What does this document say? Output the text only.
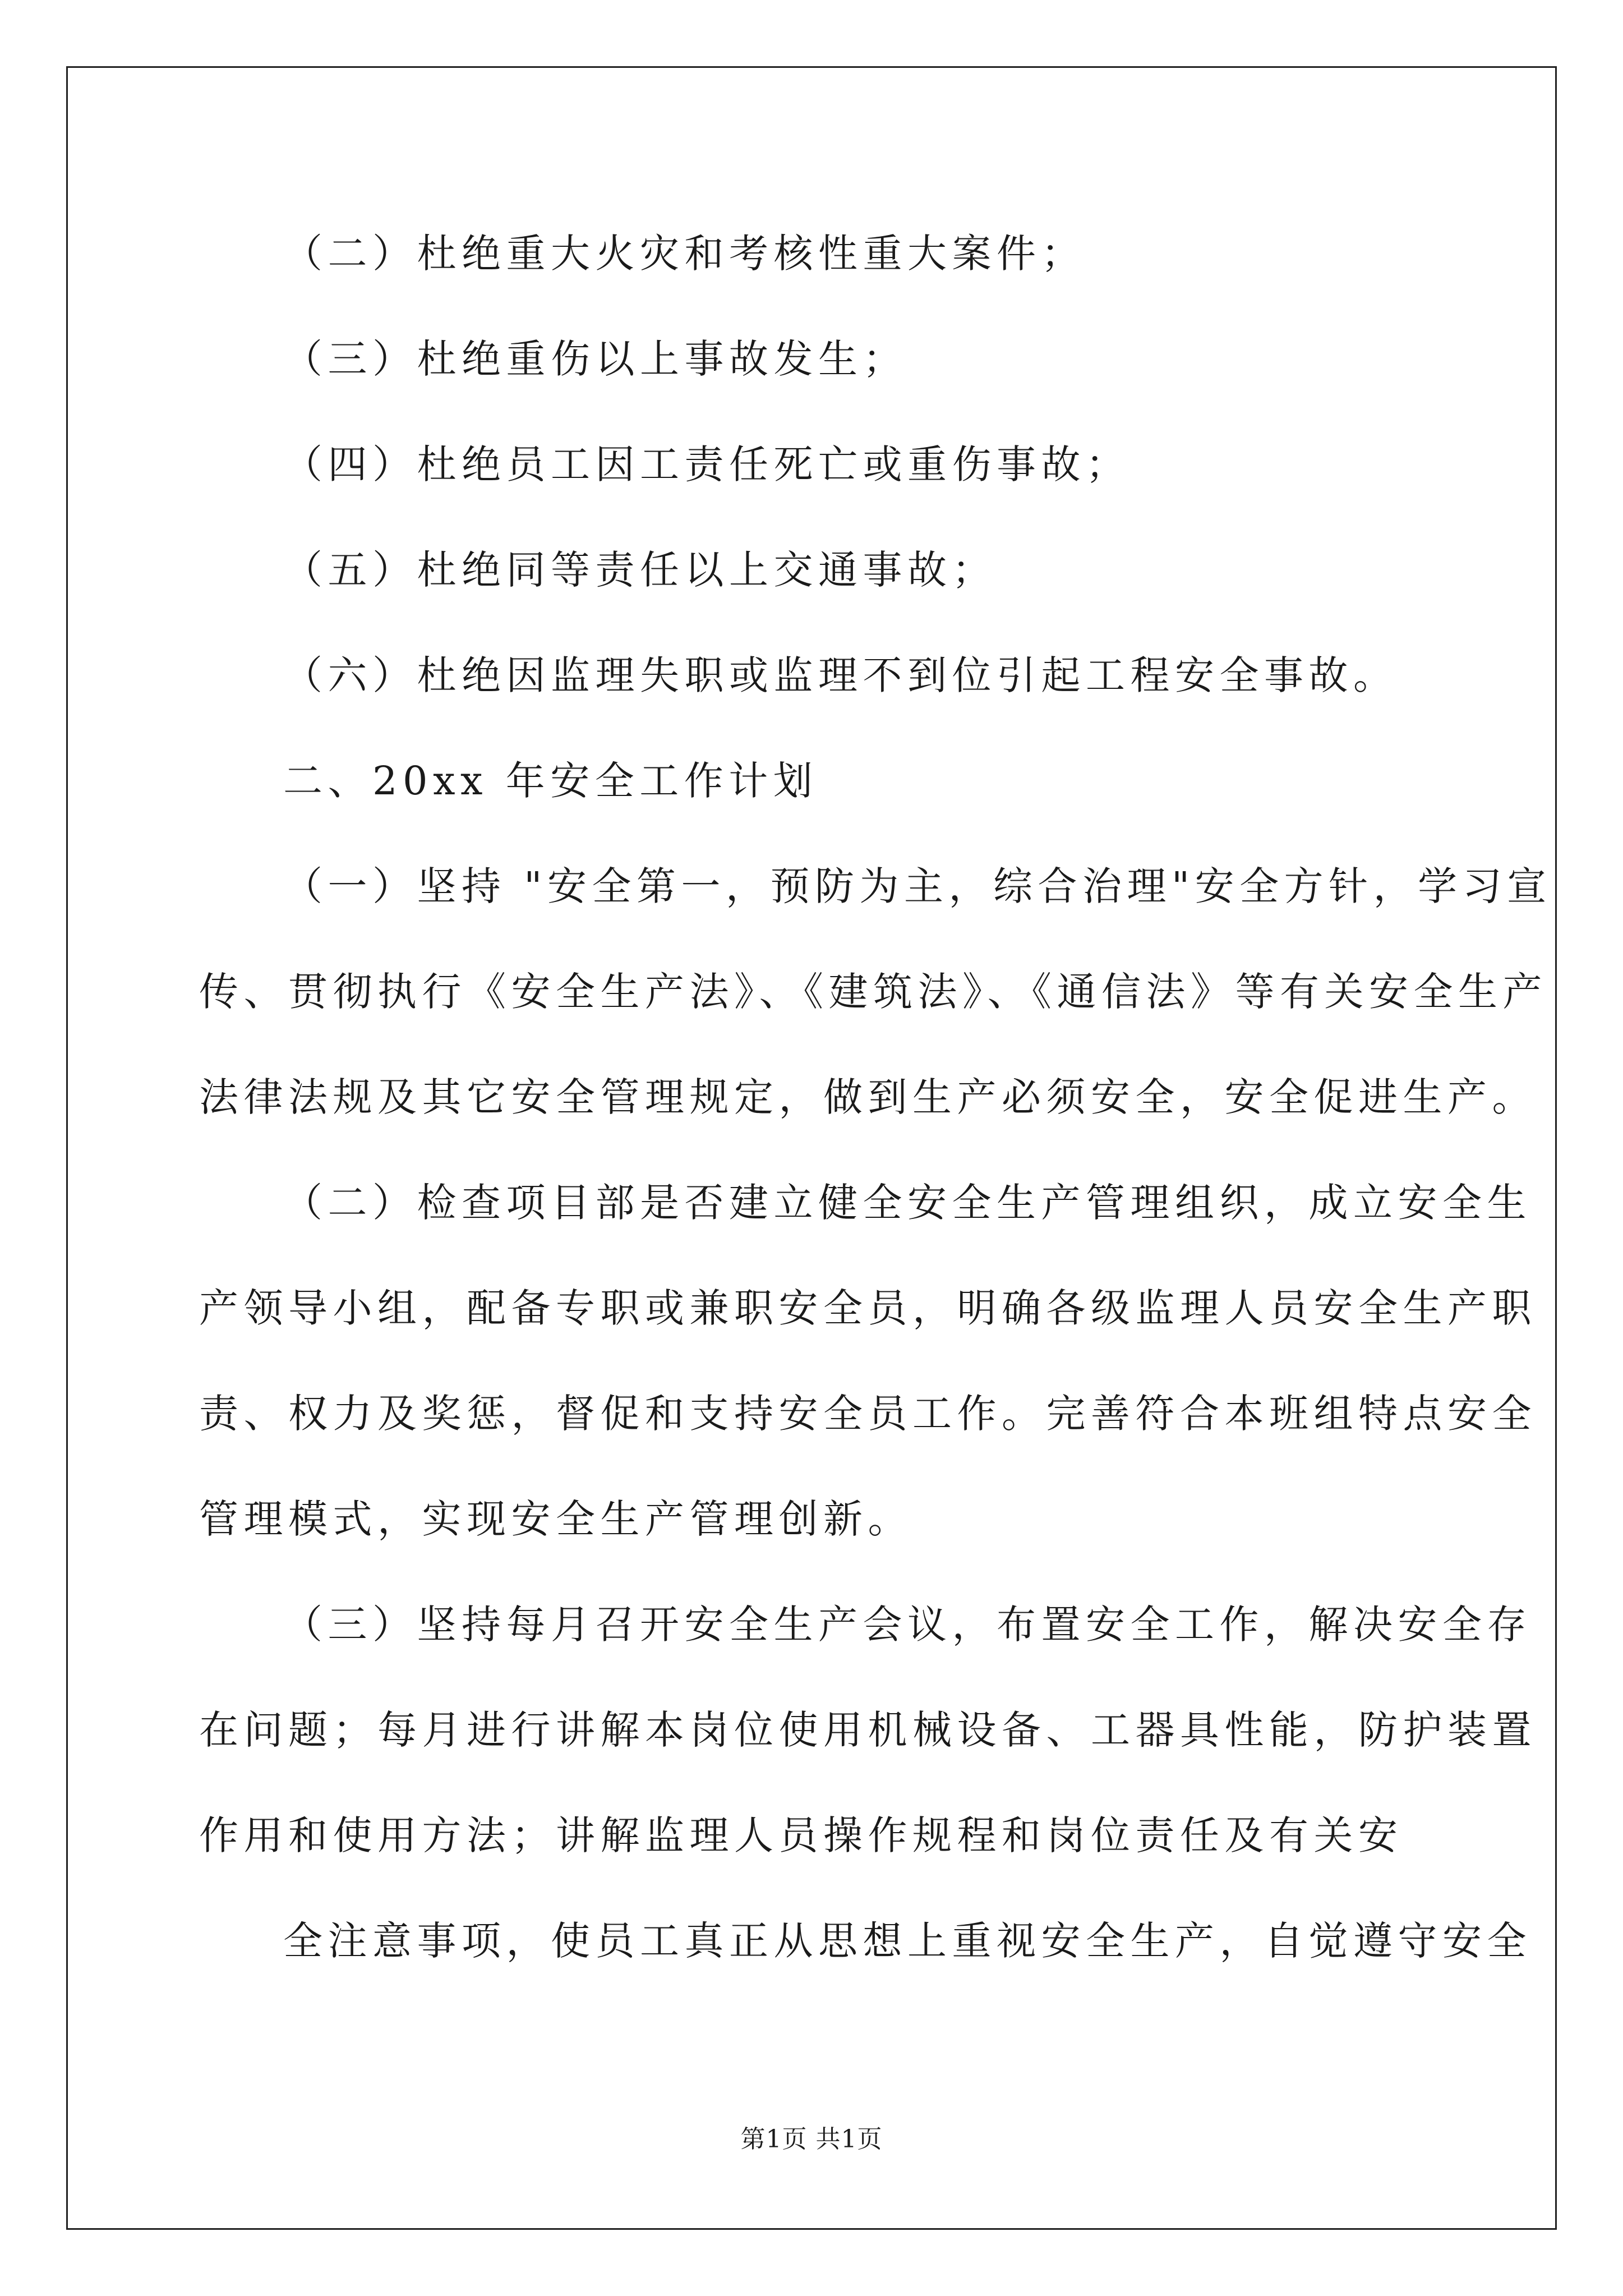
（二）杜绝重大火灾和考核性重大案件；
（三）杜绝重伤以上事故发生；
（四）杜绝员工因工责任死亡或重伤事故；
（五）杜绝同等责任以上交通事故；
（六）杜绝因监理失职或监理不到位引起工程安全事故。
二、20xx 年安全工作计划
（一）坚持 "安全第一，预防为主，综合治理"安全方针，学习宣
传、贯彻执行《安全生产法》、《建筑法》、《通信法》等有关安全生产
法律法规及其它安全管理规定，做到生产必须安全，安全促进生产。
（二）检查项目部是否建立健全安全生产管理组织，成立安全生
产领导小组，配备专职或兼职安全员，明确各级监理人员安全生产职
责、权力及奖惩，督促和支持安全员工作。完善符合本班组特点安全
管理模式，实现安全生产管理创新。
（三）坚持每月召开安全生产会议，布置安全工作，解决安全存
在问题；每月进行讲解本岗位使用机械设备、工器具性能，防护装置
作用和使用方法；讲解监理人员操作规程和岗位责任及有关安
全注意事项，使员工真正从思想上重视安全生产，自觉遵守安全
第1页 共1页
